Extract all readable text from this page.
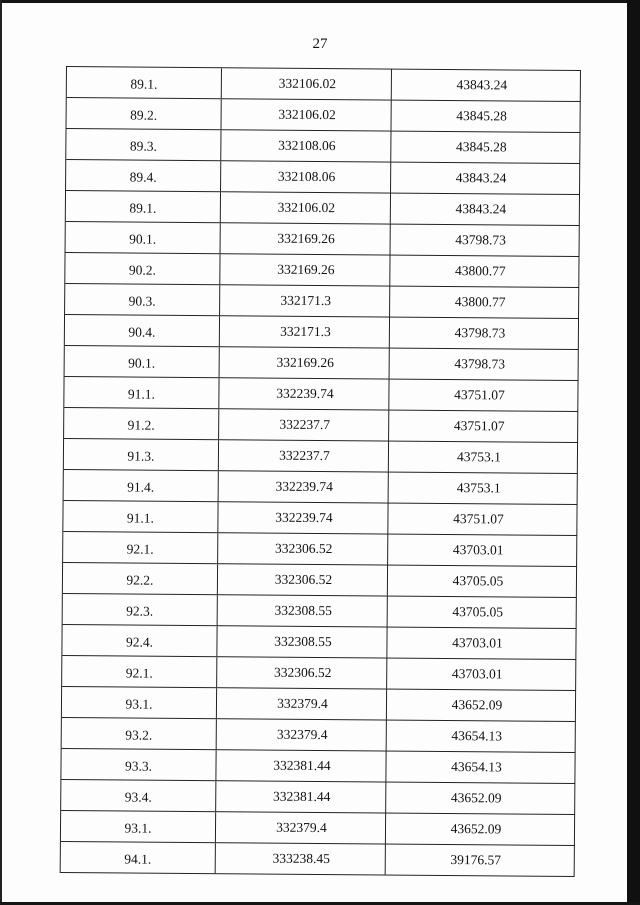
27
89.1.	332106.02	43843.24
89.2.	332106.02	43845.28
89.3.	332108.06	43845.28
89.4.	332108.06	43843.24
89.1.	332106.02	43843.24
90.1.	332169.26	43798.73
90.2.	332169.26	43800.77
90.3.	332171.3	43800.77
90.4.	332171.3	43798.73
90.1.	332169.26	43798.73
91.1.	332239.74	43751.07
91.2.	332237.7	43751.07
91.3.	332237.7	43753.1
91.4.	332239.74	43753.1
91.1.	332239.74	43751.07
92.1.	332306.52	43703.01
92.2.	332306.52	43705.05
92.3.	332308.55	43705.05
92.4.	332308.55	43703.01
92.1.	332306.52	43703.01
93.1.	332379.4	43652.09
93.2.	332379.4	43654.13
93.3.	332381.44	43654.13
93.4.	332381.44	43652.09
93.1.	332379.4	43652.09
94.1.	333238.45	39176.57
